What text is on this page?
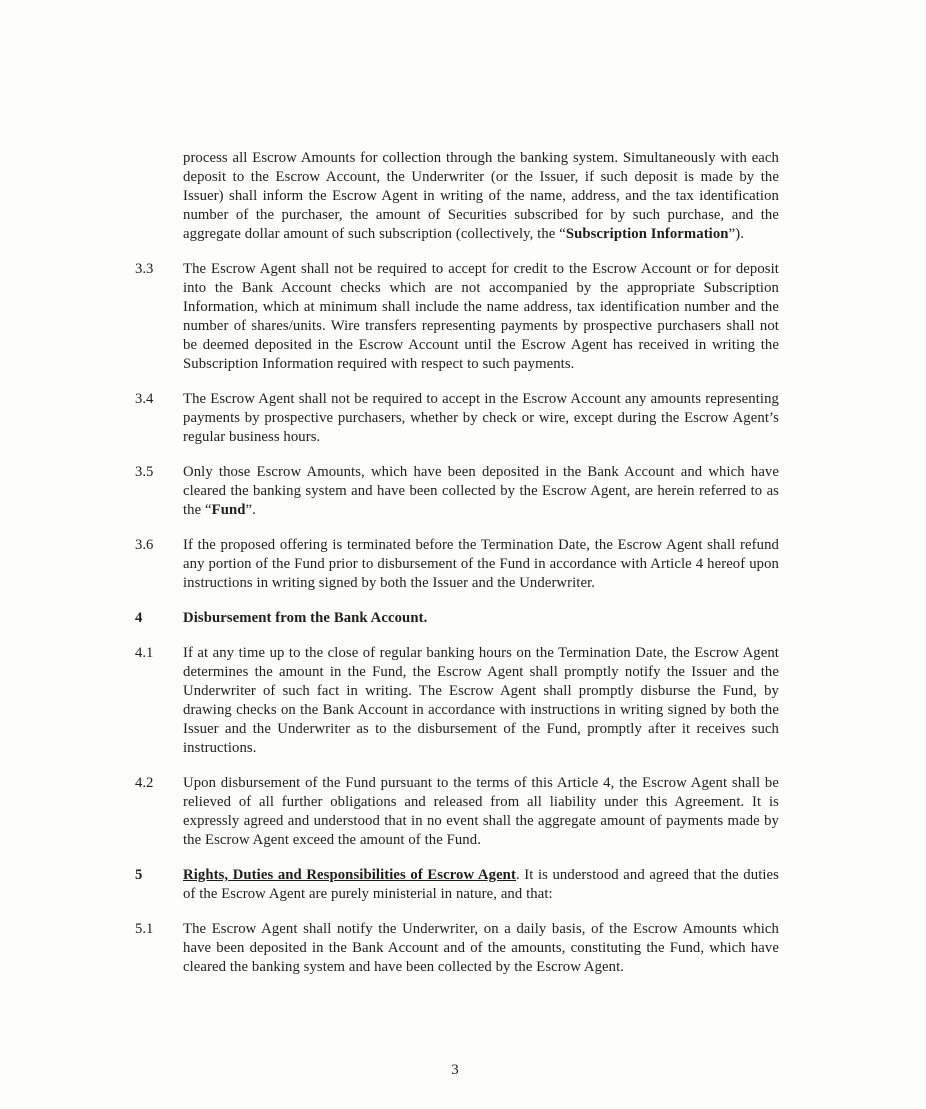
process all Escrow Amounts for collection through the banking system. Simultaneously with each deposit to the Escrow Account, the Underwriter (or the Issuer, if such deposit is made by the Issuer) shall inform the Escrow Agent in writing of the name, address, and the tax identification number of the purchaser, the amount of Securities subscribed for by such purchase, and the aggregate dollar amount of such subscription (collectively, the “Subscription Information”).
3.3	The Escrow Agent shall not be required to accept for credit to the Escrow Account or for deposit into the Bank Account checks which are not accompanied by the appropriate Subscription Information, which at minimum shall include the name address, tax identification number and the number of shares/units. Wire transfers representing payments by prospective purchasers shall not be deemed deposited in the Escrow Account until the Escrow Agent has received in writing the Subscription Information required with respect to such payments.
3.4	The Escrow Agent shall not be required to accept in the Escrow Account any amounts representing payments by prospective purchasers, whether by check or wire, except during the Escrow Agent’s regular business hours.
3.5	Only those Escrow Amounts, which have been deposited in the Bank Account and which have cleared the banking system and have been collected by the Escrow Agent, are herein referred to as the “Fund”.
3.6	If the proposed offering is terminated before the Termination Date, the Escrow Agent shall refund any portion of the Fund prior to disbursement of the Fund in accordance with Article 4 hereof upon instructions in writing signed by both the Issuer and the Underwriter.
4	Disbursement from the Bank Account.
4.1	If at any time up to the close of regular banking hours on the Termination Date, the Escrow Agent determines the amount in the Fund, the Escrow Agent shall promptly notify the Issuer and the Underwriter of such fact in writing. The Escrow Agent shall promptly disburse the Fund, by drawing checks on the Bank Account in accordance with instructions in writing signed by both the Issuer and the Underwriter as to the disbursement of the Fund, promptly after it receives such instructions.
4.2	Upon disbursement of the Fund pursuant to the terms of this Article 4, the Escrow Agent shall be relieved of all further obligations and released from all liability under this Agreement. It is expressly agreed and understood that in no event shall the aggregate amount of payments made by the Escrow Agent exceed the amount of the Fund.
5	Rights, Duties and Responsibilities of Escrow Agent. It is understood and agreed that the duties of the Escrow Agent are purely ministerial in nature, and that:
5.1	The Escrow Agent shall notify the Underwriter, on a daily basis, of the Escrow Amounts which have been deposited in the Bank Account and of the amounts, constituting the Fund, which have cleared the banking system and have been collected by the Escrow Agent.
3
